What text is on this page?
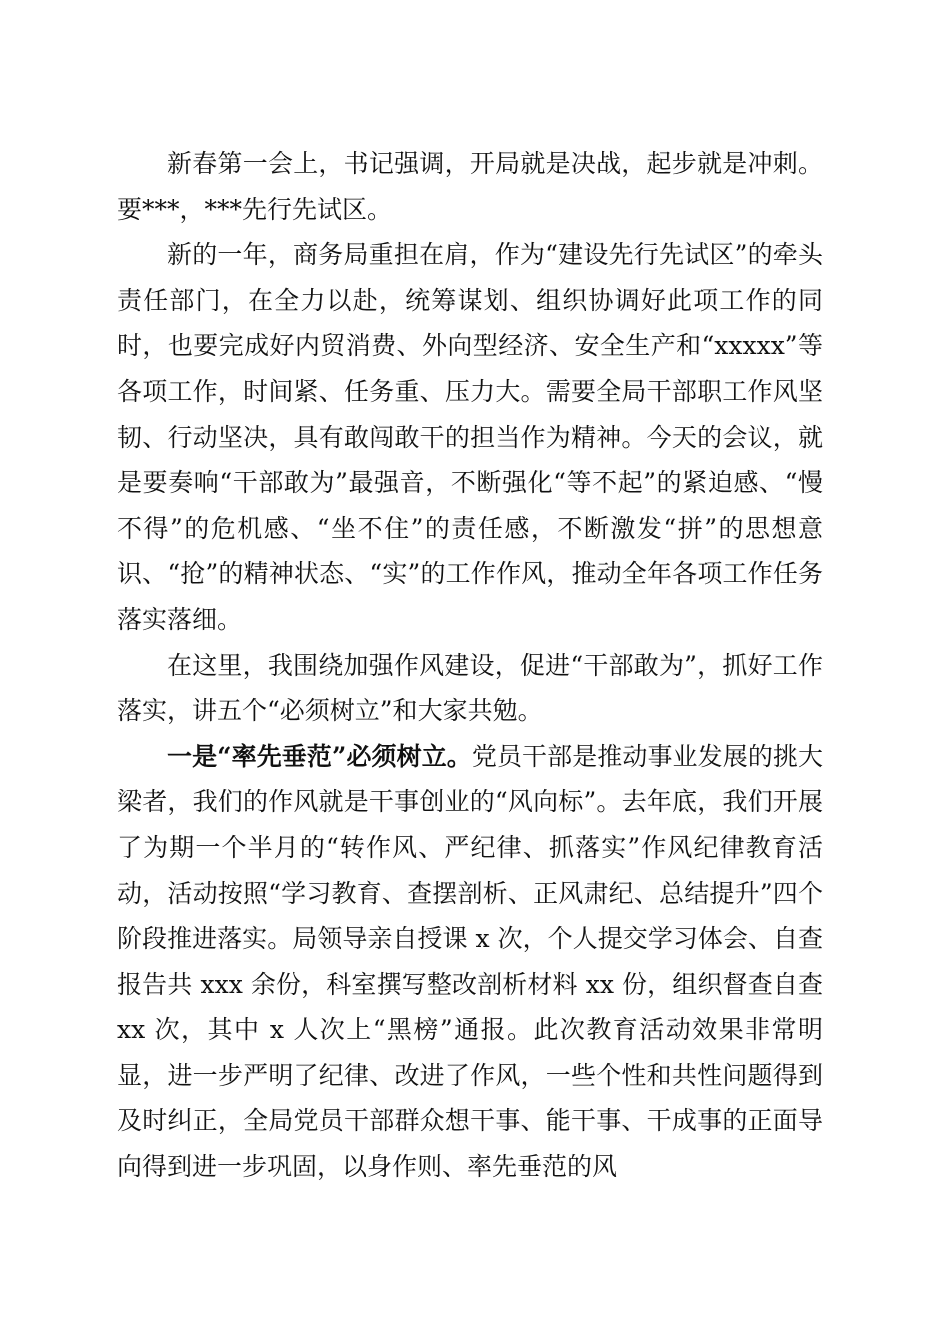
新春第一会上，书记强调，开局就是决战，起步就是冲刺。要***，***先行先试区。

新的一年，商务局重担在肩，作为“建设先行先试区”的牵头责任部门，在全力以赴，统筹谋划、组织协调好此项工作的同时，也要完成好内贸消费、外向型经济、安全生产和“xxxxx”等各项工作，时间紧、任务重、压力大。需要全局干部职工作风坚韧、行动坚决，具有敢闯敢干的担当作为精神。今天的会议，就是要奏响“干部敢为”最强音，不断强化“等不起”的紧迫感、“慢不得”的危机感、“坐不住”的责任感，不断激发“拼”的思想意识、“抢”的精神状态、“实”的工作作风，推动全年各项工作任务落实落细。

在这里，我围绕加强作风建设，促进“干部敢为”，抓好工作落实，讲五个“必须树立”和大家共勉。

一是“率先垂范”必须树立。党员干部是推动事业发展的挑大梁者，我们的作风就是干事创业的“风向标”。去年底，我们开展了为期一个半月的“转作风、严纪律、抓落实”作风纪律教育活动，活动按照“学习教育、查摆剖析、正风肃纪、总结提升”四个阶段推进落实。局领导亲自授课 x 次，个人提交学习体会、自查报告共 xxx 余份，科室撰写整改剖析材料 xx 份，组织督查自查 xx 次，其中 x 人次上“黑榜”通报。此次教育活动效果非常明显，进一步严明了纪律、改进了作风，一些个性和共性问题得到及时纠正，全局党员干部群众想干事、能干事、干成事的正面导向得到进一步巩固，以身作则、率先垂范的风
